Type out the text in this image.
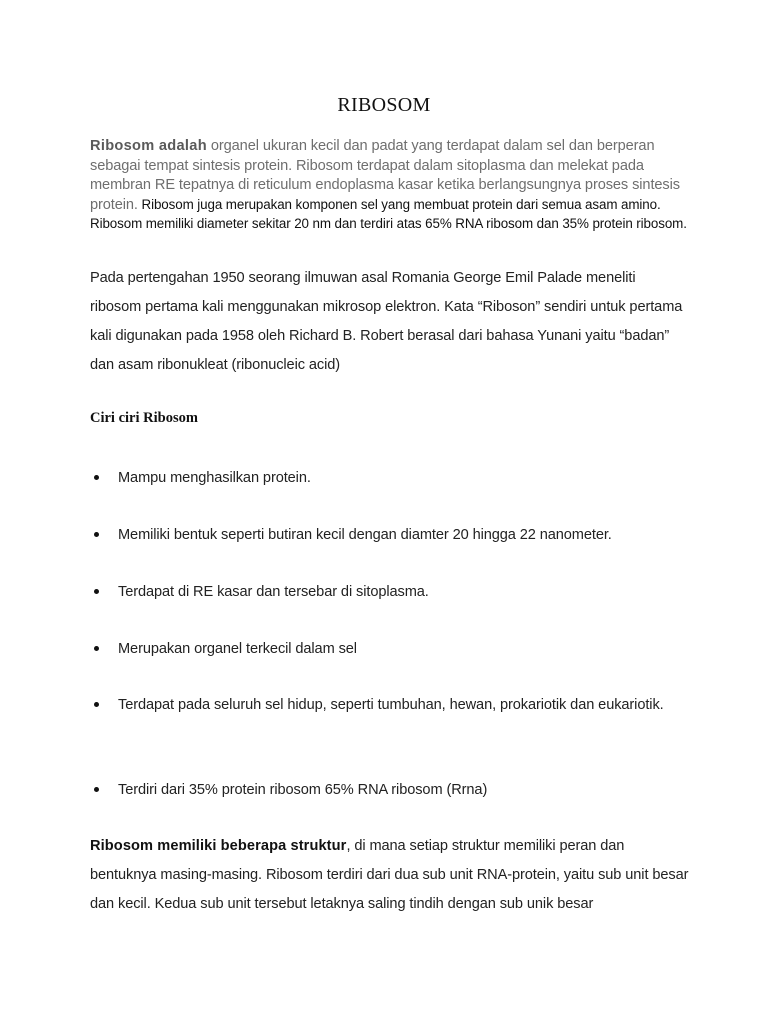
RIBOSOM
Ribosom adalah organel ukuran kecil dan padat yang terdapat dalam sel dan berperan sebagai tempat sintesis protein. Ribosom terdapat dalam sitoplasma dan melekat pada membran RE tepatnya di reticulum endoplasma kasar ketika berlangsungnya proses sintesis protein. Ribosom juga merupakan komponen sel yang membuat protein dari semua asam amino. Ribosom memiliki diameter sekitar 20 nm dan terdiri atas 65% RNA ribosom dan 35% protein ribosom.
Pada pertengahan 1950 seorang ilmuwan asal Romania George Emil Palade meneliti ribosom pertama kali menggunakan mikrosop elektron. Kata “Riboson” sendiri untuk pertama kali digunakan pada 1958 oleh Richard B. Robert berasal dari bahasa Yunani yaitu “badan” dan asam ribonukleat (ribonucleic acid)
Ciri ciri Ribosom
Mampu menghasilkan protein.
Memiliki bentuk seperti butiran kecil dengan diamter 20 hingga 22 nanometer.
Terdapat di RE kasar dan tersebar di sitoplasma.
Merupakan organel terkecil dalam sel
Terdapat pada seluruh sel hidup, seperti tumbuhan, hewan, prokariotik dan eukariotik.
Terdiri dari 35% protein ribosom 65% RNA ribosom (Rrna)
Ribosom memiliki beberapa struktur, di mana setiap struktur memiliki peran dan bentuknya masing-masing. Ribosom terdiri dari dua sub unit RNA-protein, yaitu sub unit besar dan kecil. Kedua sub unit tersebut letaknya saling tindih dengan sub unik besar
